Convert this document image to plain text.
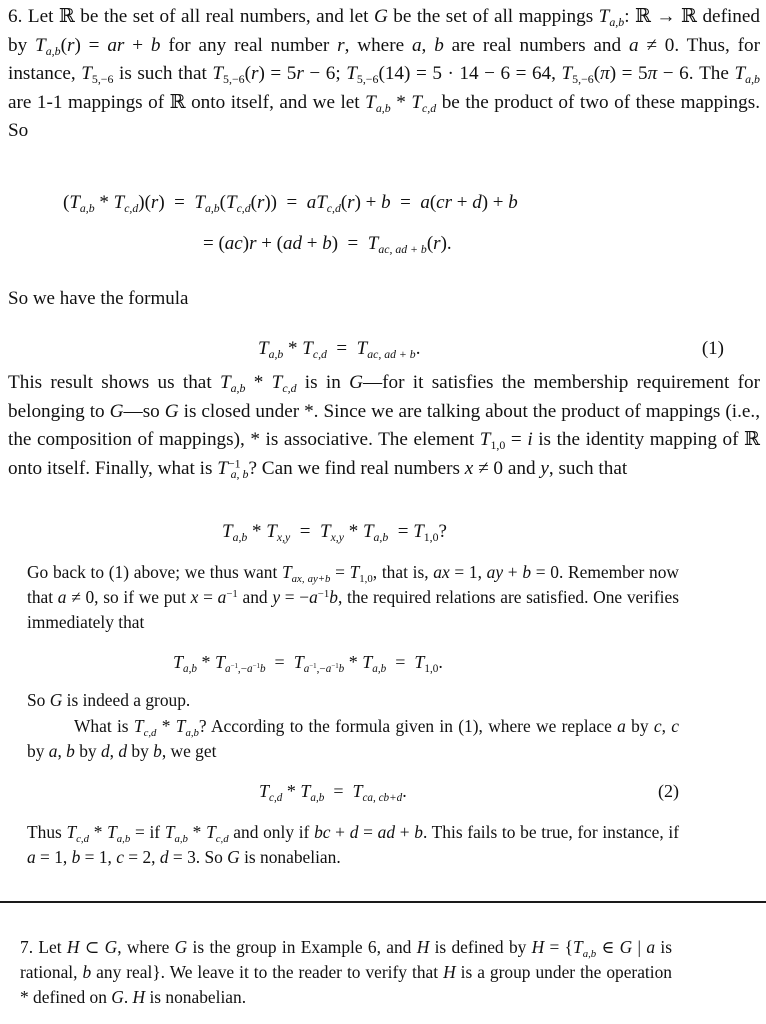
6. Let ℝ be the set of all real numbers, and let G be the set of all mappings $T_{a,b}$: ℝ → ℝ defined by $T_{a,b}(r)$ = ar + b for any real number r, where a, b are real numbers and a ≠ 0. Thus, for instance, $T_{5,-6}$ is such that $T_{5,-6}(r) = 5r - 6$; $T_{5,-6}(14) = 5 \cdot 14 - 6 = 64$, $T_{5,-6}(\pi) = 5\pi - 6$. The $T_{a,b}$ are 1-1 mappings of ℝ onto itself, and we let $T_{a,b} * T_{c,d}$ be the product of two of these mappings. So

$(T_{a,b} * T_{c,d})(r) = T_{a,b}(T_{c,d}(r)) = aT_{c,d}(r) + b = a(cr + d) + b$
= $(ac)r + (ad + b) = T_{ac, ad + b}(r)$.
So we have the formula
$T_{a,b} * T_{c,d} = T_{ac, ad + b}$.	(1)

This result shows us that $T_{a,b} * T_{c,d}$ is in G—for it satisfies the membership requirement for belonging to G—so G is closed under *. Since we are talking about the product of mappings (i.e., the composition of mappings), * is associative. The element $T_{1,0} = i$ is the identity mapping of ℝ onto itself. Finally, what is $T^{-1}_{a, b}$? Can we find real numbers x ≠ 0 and y, such that

$T_{a,b} * T_{x,y} = T_{x,y} * T_{a,b} = T_{1,0}$?

Go back to (1) above; we thus want $T_{ax, ay+b} = T_{1,0}$, that is, ax = 1, ay + b = 0. Remember now that a ≠ 0, so if we put $x = a^{-1}$ and $y = -a^{-1}b$, the required relations are satisfied. One verifies immediately that

$T_{a,b} * T_{a^{-1},-a^{-1}b} = T_{a^{-1},-a^{-1}b} * T_{a,b} = T_{1,0}$.
So G is indeed a group.

What is $T_{c,d} * T_{a,b}$? According to the formula given in (1), where we replace a by c, c by a, b by d, d by b, we get

$T_{c,d} * T_{a,b} = T_{ca, cb+d}$.	(2)

Thus $T_{c,d} * T_{a,b}$ = if $T_{a,b} * T_{c,d}$ and only if bc + d = ad + b. This fails to be true, for instance, if a = 1, b = 1, c = 2, d = 3. So G is nonabelian.

7. Let H ⊂ G, where G is the group in Example 6, and H is defined by $H = \{T_{a,b}$ ∈ G | a is rational, b any real}. We leave it to the reader to verify that H is a group under the operation * defined on G. H is nonabelian.
